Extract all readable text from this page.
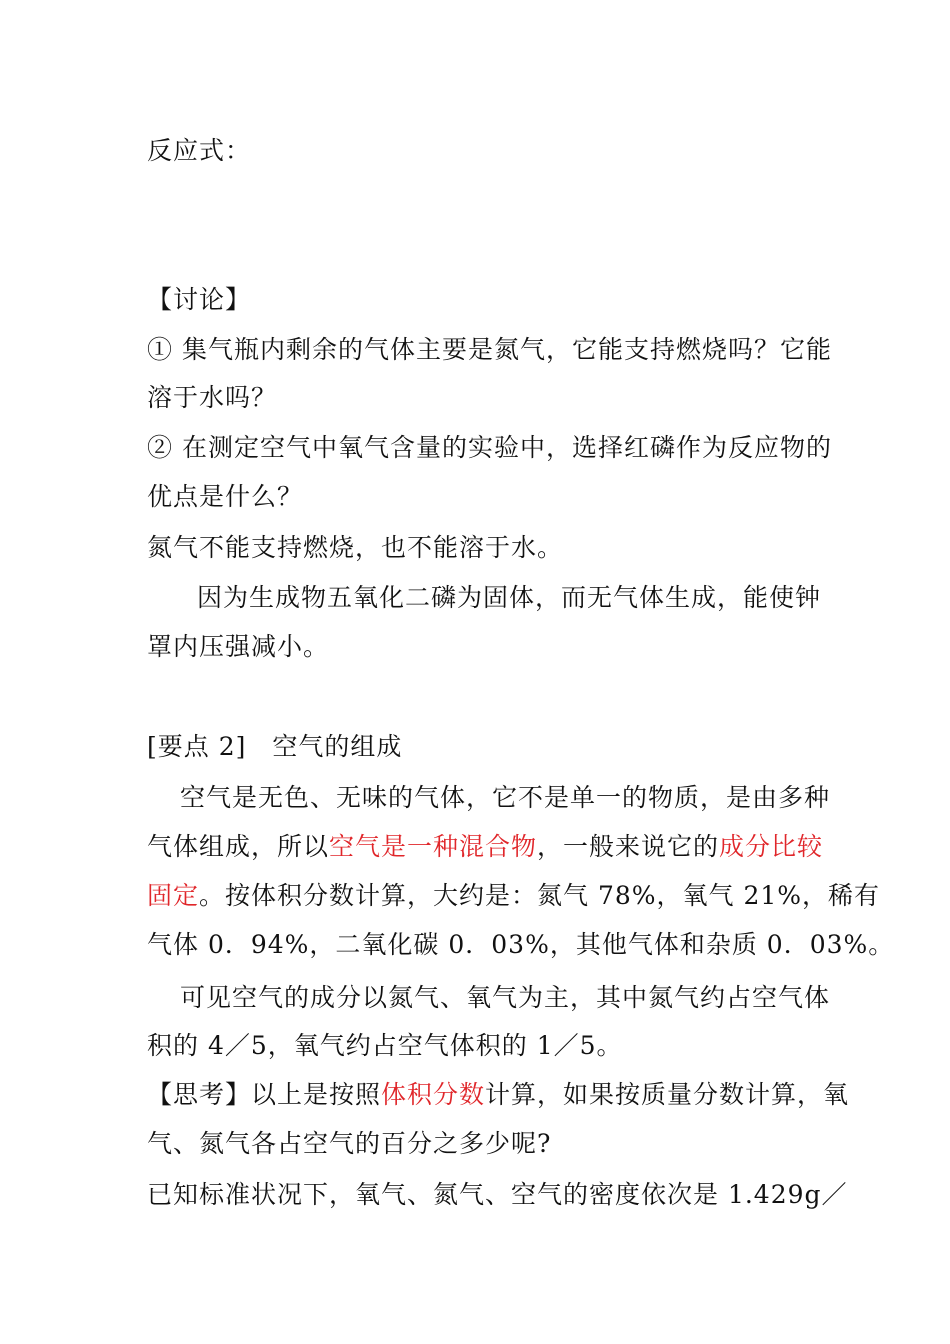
反应式：
【讨论】
① 集气瓶内剩余的气体主要是氮气，它能支持燃烧吗？它能
溶于水吗？
② 在测定空气中氧气含量的实验中，选择红磷作为反应物的
优点是什么？
氮气不能支持燃烧，也不能溶于水。
因为生成物五氧化二磷为固体，而无气体生成，能使钟
罩内压强减小。
[要点 2]　空气的组成
空气是无色、无味的气体，它不是单一的物质，是由多种
气体组成，所以空气是一种混合物，一般来说它的成分比较
固定。按体积分数计算，大约是：氮气 78%，氧气 21%，稀有
气体 0．94%，二氧化碳 0．03%，其他气体和杂质 0．03%。
可见空气的成分以氮气、氧气为主，其中氮气约占空气体
积的 4／5，氧气约占空气体积的 1／5。
【思考】以上是按照体积分数计算，如果按质量分数计算，氧
气、氮气各占空气的百分之多少呢?
已知标准状况下，氧气、氮气、空气的密度依次是 1.429g／
